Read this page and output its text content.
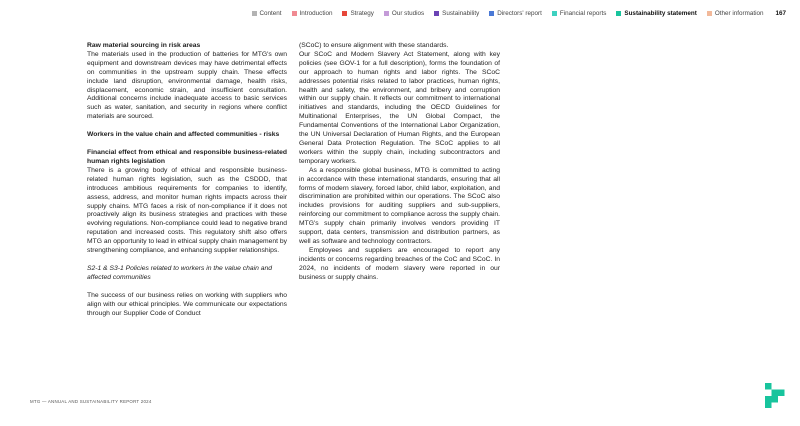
Content	Introduction	Strategy	Our studios	Sustainability	Directors' report	Financial reports	Sustainability statement	Other information 167

Raw material sourcing in risk areas

The materials used in the production of batteries for MTG's own equipment and downstream devices may have detrimental effects on communities in the upstream supply chain. These effects include land disruption, environmental damage, health risks, displacement, economic strain, and insufficient consultation. Additional concerns include inadequate access to basic services such as water, sanitation, and security in regions where conflict materials are sourced.

Workers in the value chain and affected communities - risks

Financial effect from ethical and responsible business-related human rights legislation

There is a growing body of ethical and responsible business-related human rights legislation, such as the CSDDD, that introduces ambitious requirements for companies to identify, assess, address, and monitor human rights impacts across their supply chains. MTG faces a risk of non-compliance if it does not proactively align its business strategies and practices with these evolving regulations. Non-compliance could lead to negative brand reputation and increased costs. This regulatory shift also offers MTG an opportunity to lead in ethical supply chain management by strengthening compliance, and enhancing supplier relationships.

S2-1 & S3-1 Policies related to workers in the value chain and affected communities

The success of our business relies on working with suppliers who align with our ethical principles. We communicate our expectations through our Supplier Code of Conduct

(SCoC) to ensure alignment with these standards.

Our SCoC and Modern Slavery Act Statement, along with key policies (see GOV-1 for a full description), forms the foundation of our approach to human rights and labor rights. The SCoC addresses potential risks related to labor practices, human rights, health and safety, the environment, and bribery and corruption within our supply chain. It reflects our commitment to international initiatives and standards, including the OECD Guidelines for Multinational Enterprises, the UN Global Compact, the Fundamental Conventions of the International Labor Organization, the UN Universal Declaration of Human Rights, and the European General Data Protection Regulation. The SCoC applies to all workers within the supply chain, including subcontractors and temporary workers.

As a responsible global business, MTG is committed to acting in accordance with these international standards, ensuring that all forms of modern slavery, forced labor, child labor, exploitation, and discrimination are prohibited within our operations. The SCoC also includes provisions for auditing suppliers and sub-suppliers, reinforcing our commitment to compliance across the supply chain. MTG's supply chain primarily involves vendors providing IT support, data centers, transmission and distribution partners, as well as software and technology contractors.

Employees and suppliers are encouraged to report any incidents or concerns regarding breaches of the CoC and SCoC. In 2024, no incidents of modern slavery were reported in our business or supply chains.

MTG — ANNUAL AND SUSTAINABILITY REPORT 2024
